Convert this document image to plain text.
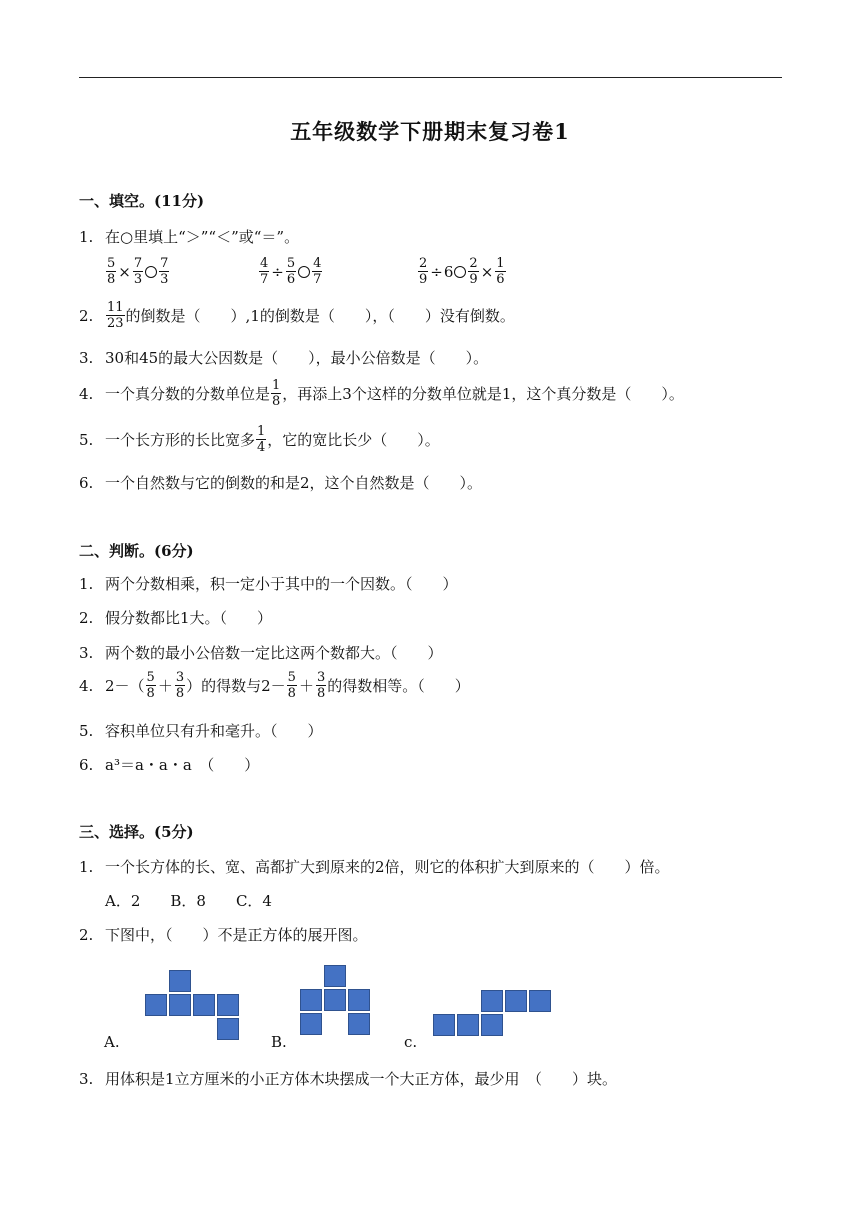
五年级数学下册期末复习卷1
一、填空。(11分)
1. 在○里填上“＞”“＜”或“＝”。
$\frac{5}{8} \times \frac{7}{3} \frac{7}{3}$	$\frac{4}{7} \div \frac{5}{6} \frac{4}{7}$	$\frac{2}{9} \div 6 \frac{2}{9} \times \frac{1}{6}$
2. $\frac{11}{23}$ 的倒数是（　　）,1的倒数是（　　），（　　）没有倒数。
3. 30和45的最大公因数是（　　），最小公倍数是（　　）。
4. 一个真分数的分数单位是 $\frac{1}{8}$ ，再添上3个这样的分数单位就是1，这个真分数是（　　）。
5. 一个长方形的长比宽多 $\frac{1}{4}$ ，它的宽比长少（　　）。
6. 一个自然数与它的倒数的和是2，这个自然数是（　　）。
二、判断。(6分)
1. 两个分数相乘，积一定小于其中的一个因数。（　　）
2. 假分数都比1大。（　　）
3. 两个数的最小公倍数一定比这两个数都大。（　　）
4. $2-( \frac{5}{8} + \frac{3}{8}$ ）的得数与$2- \frac{5}{8} + \frac{3}{8}$ 的得数相等。（　　）
5. 容积单位只有升和毫升。（　　）
6. a³＝a・a・a　（　　）
三、选择。(5分)
1. 一个长方体的长、宽、高都扩大到原来的2倍，则它的体积扩大到原来的（　　）倍。
A．2　　B．8　　C．4
2. 下图中，（　　）不是正方体的展开图。
A.	B.	c.
3. 用体积是1立方厘米的小正方体木块摆成一个大正方体，最少用　（　　）块。
